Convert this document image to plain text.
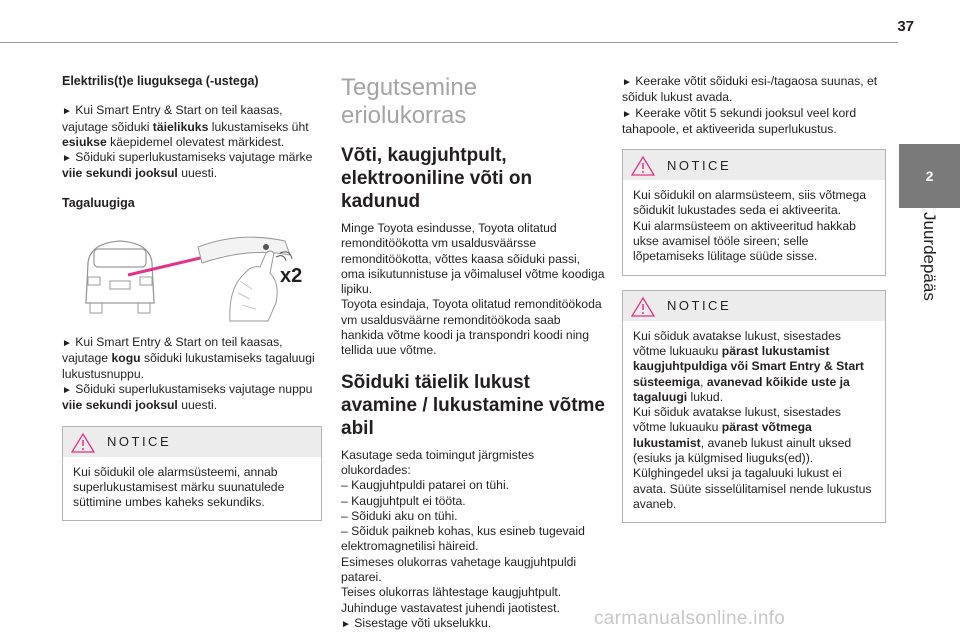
37
2
Juurdepääs

Elektrilis(t)e liuguksega (-ustega)

► Kui Smart Entry & Start on teil kaasas, vajutage sõiduki täielikuks lukustamiseks üht esiukse käepidemel olevatest märkidest.

► Sõiduki superlukustamiseks vajutage märke viie sekundi jooksul uuesti.

Tagaluugiga

x2

► Kui Smart Entry & Start on teil kaasas, vajutage kogu sõiduki lukustamiseks tagaluugi lukustusnuppu.

► Sõiduki superlukustamiseks vajutage nuppu viie sekundi jooksul uuesti.

NOTICE
Kui sõidukil ole alarmsüsteemi, annab superlukustamisest märku suunatulede süttimine umbes kaheks sekundiks.
Tegutsemine eriolukorras
Võti, kaugjuhtpult, elektrooniline võti on kadunud

Minge Toyota esindusse, Toyota olitatud remonditöökotta vm usaldusväärsse remonditöökotta, võttes kaasa sõiduki passi, oma isikutunnistuse ja võimalusel võtme koodiga lipiku.
Toyota esindaja, Toyota olitatud remonditöökoda vm usaldusväärne remonditöökoda saab hankida võtme koodi ja transpondri koodi ning tellida uue võtme.

Sõiduki täielik lukust avamine / lukustamine võtme abil

Kasutage seda toimingut järgmistes olukordades:
– Kaugjuhtpuldi patarei on tühi.
– Kaugjuhtpult ei tööta.
– Sõiduki aku on tühi.
– Sõiduk paikneb kohas, kus esineb tugevaid elektromagnetilisi häireid.
Esimeses olukorras vahetage kaugjuhtpuldi patarei.
Teises olukorras lähtestage kaugjuhtpult.
Juhinduge vastavatest juhendi jaotistest.

► Sisestage võti ukselukku.

► Keerake võtit sõiduki esi-/tagaosa suunas, et sõiduk lukust avada.

► Keerake võtit 5 sekundi jooksul veel kord tahapoole, et aktiveerida superlukustus.

NOTICE
Kui sõidukil on alarmsüsteem, siis võtmega sõidukit lukustades seda ei aktiveerita.
Kui alarmsüsteem on aktiveeritud hakkab ukse avamisel tööle sireen; selle lõpetamiseks lülitage süüde sisse.
NOTICE
Kui sõiduk avatakse lukust, sisestades võtme lukuauku pärast lukustamist kaugjuhtpuldiga või Smart Entry & Start süsteemiga, avanevad kõikide uste ja tagaluugi lukud.
Kui sõiduk avatakse lukust, sisestades võtme lukuauku pärast võtmega lukustamist, avaneb lukust ainult uksed (esiuks ja külgmised liuguks(ed)). Külghingedel uksi ja tagaluuki lukust ei avata. Süüte sisselülitamisel nende lukustus avaneb.
carmanualsonline.info
